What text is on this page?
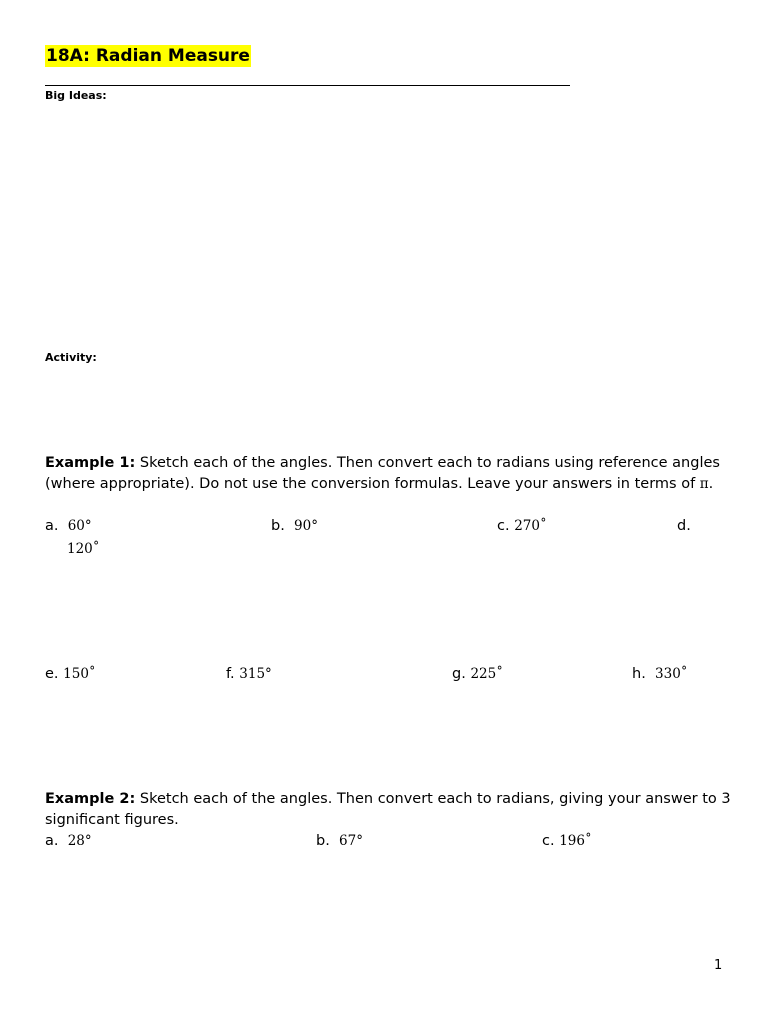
18A: Radian Measure
Big Ideas:
Activity:
Example 1: Sketch each of the angles. Then convert each to radians using reference angles (where appropriate). Do not use the conversion formulas. Leave your answers in terms of π.
a. 60°	b. 90°	c. 270˚	d.
120˚
e. 150˚	f. 315°	g. 225˚	h. 330˚
Example 2: Sketch each of the angles. Then convert each to radians, giving your answer to 3 significant figures.
a. 28°	b. 67°	c. 196˚
1
